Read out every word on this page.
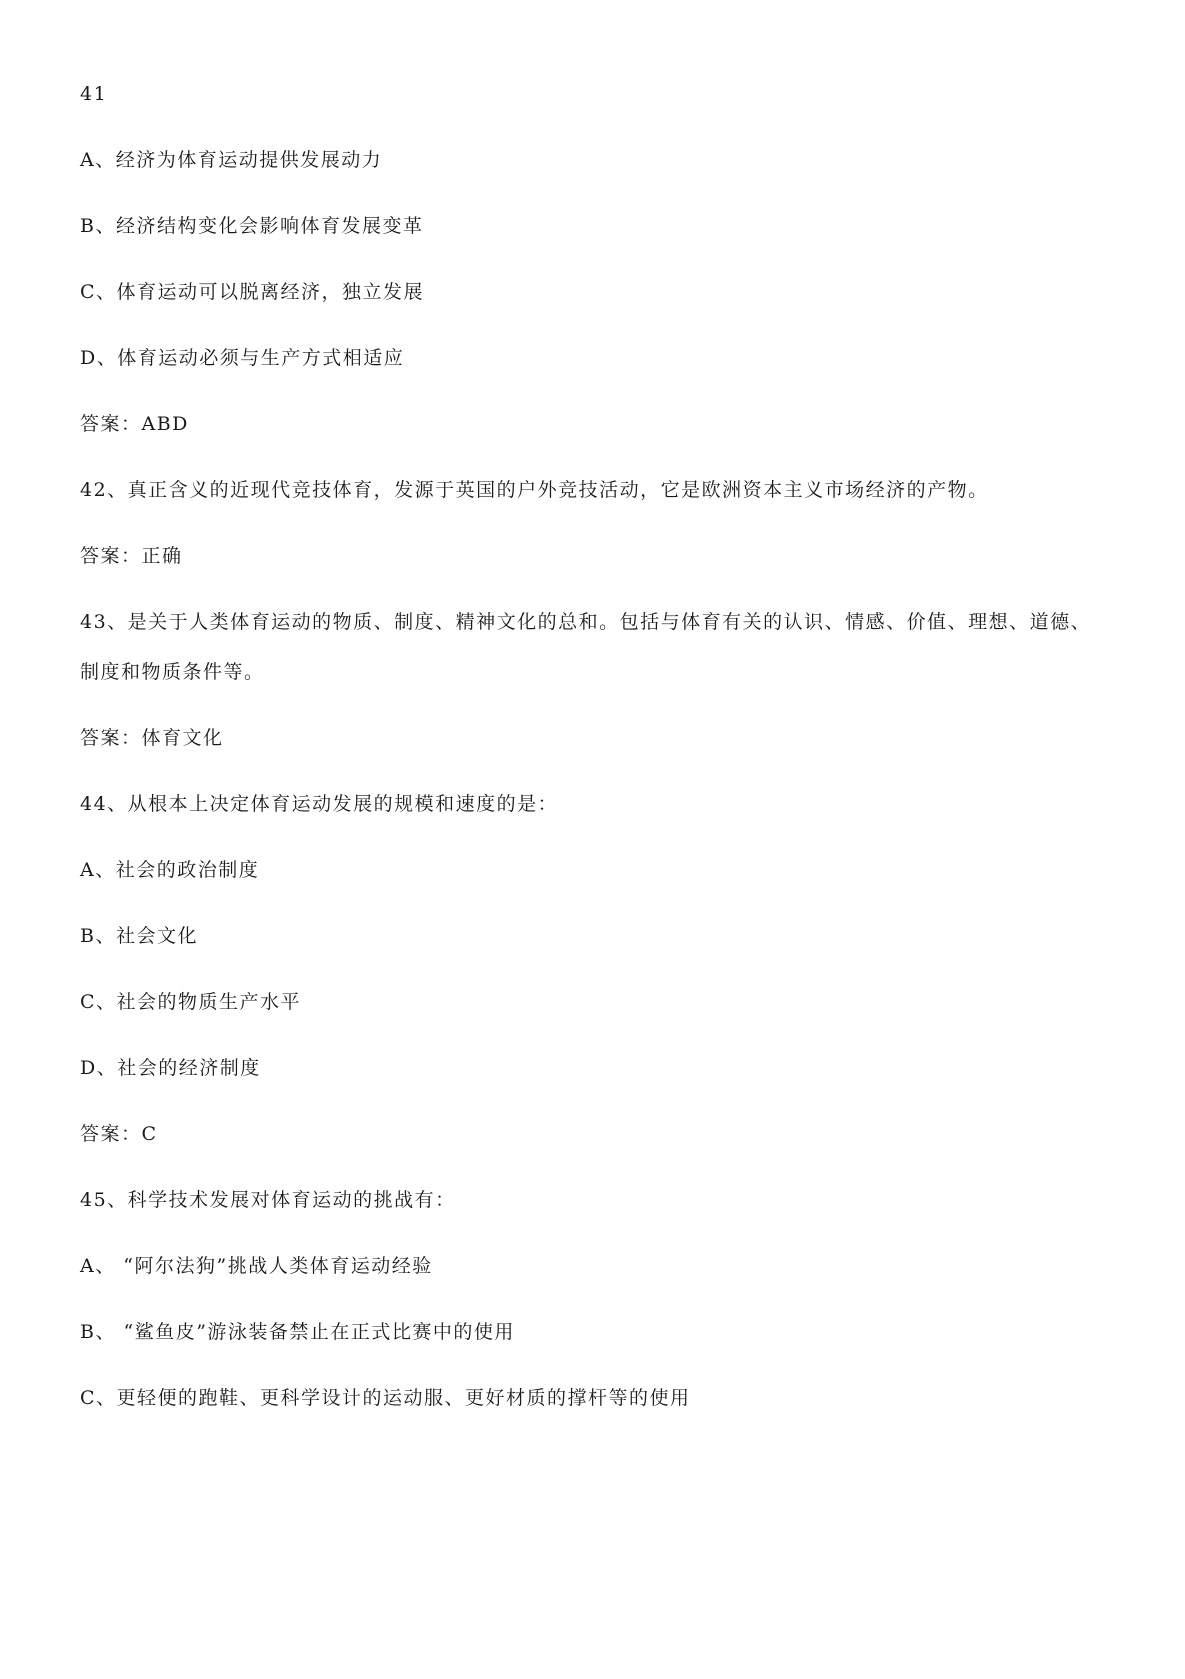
41
A、经济为体育运动提供发展动力
B、经济结构变化会影响体育发展变革
C、体育运动可以脱离经济，独立发展
D、体育运动必须与生产方式相适应
答案：ABD
42、真正含义的近现代竞技体育，发源于英国的户外竞技活动，它是欧洲资本主义市场经济的产物。
答案：正确
43、是关于人类体育运动的物质、制度、精神文化的总和。包括与体育有关的认识、情感、价值、理想、道德、
制度和物质条件等。
答案：体育文化
44、从根本上决定体育运动发展的规模和速度的是：
A、社会的政治制度
B、社会文化
C、社会的物质生产水平
D、社会的经济制度
答案：C
45、科学技术发展对体育运动的挑战有：
A、 “阿尔法狗”挑战人类体育运动经验
B、 “鲨鱼皮”游泳装备禁止在正式比赛中的使用
C、更轻便的跑鞋、更科学设计的运动服、更好材质的撑杆等的使用
